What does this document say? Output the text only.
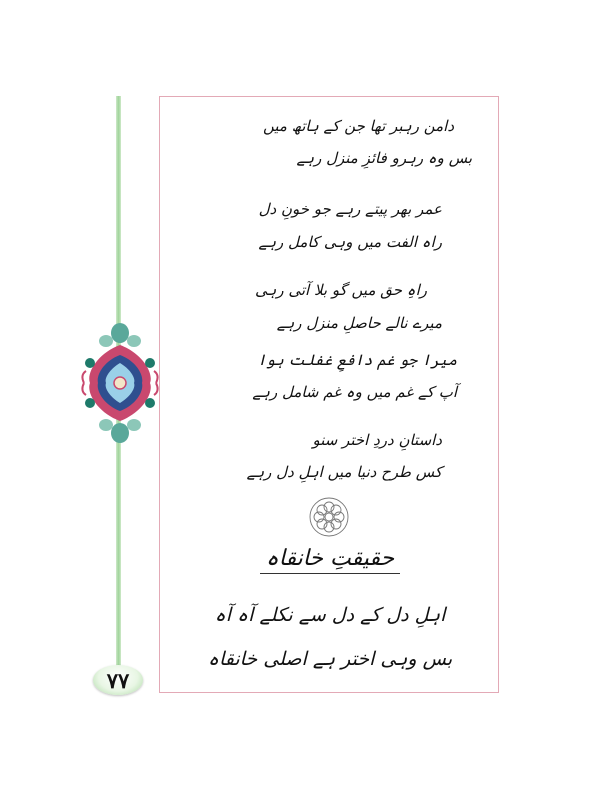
۷۷
دامن رہبر تھا جن کے ہاتھ میں
بس وہ رہرو فائزِ منزل رہے
عمر بھر پیتے رہے جو خونِ دل
راہ الفت میں وہی کامل رہے
راہِ حق میں گو بلا آتی رہی
میرے نالے حاصلِ منزل رہے
میرا جو غم دافعِ غفلت ہوا
آپ کے غم میں وہ غم شامل رہے
داستانِ دردِ اختر سنو
کس طرح دنیا میں اہلِ دل رہے
حقیقتِ خانقاہ
اہلِ دل کے دل سے نکلے آہ آہ
بس وہی اختر ہے اصلی خانقاہ
